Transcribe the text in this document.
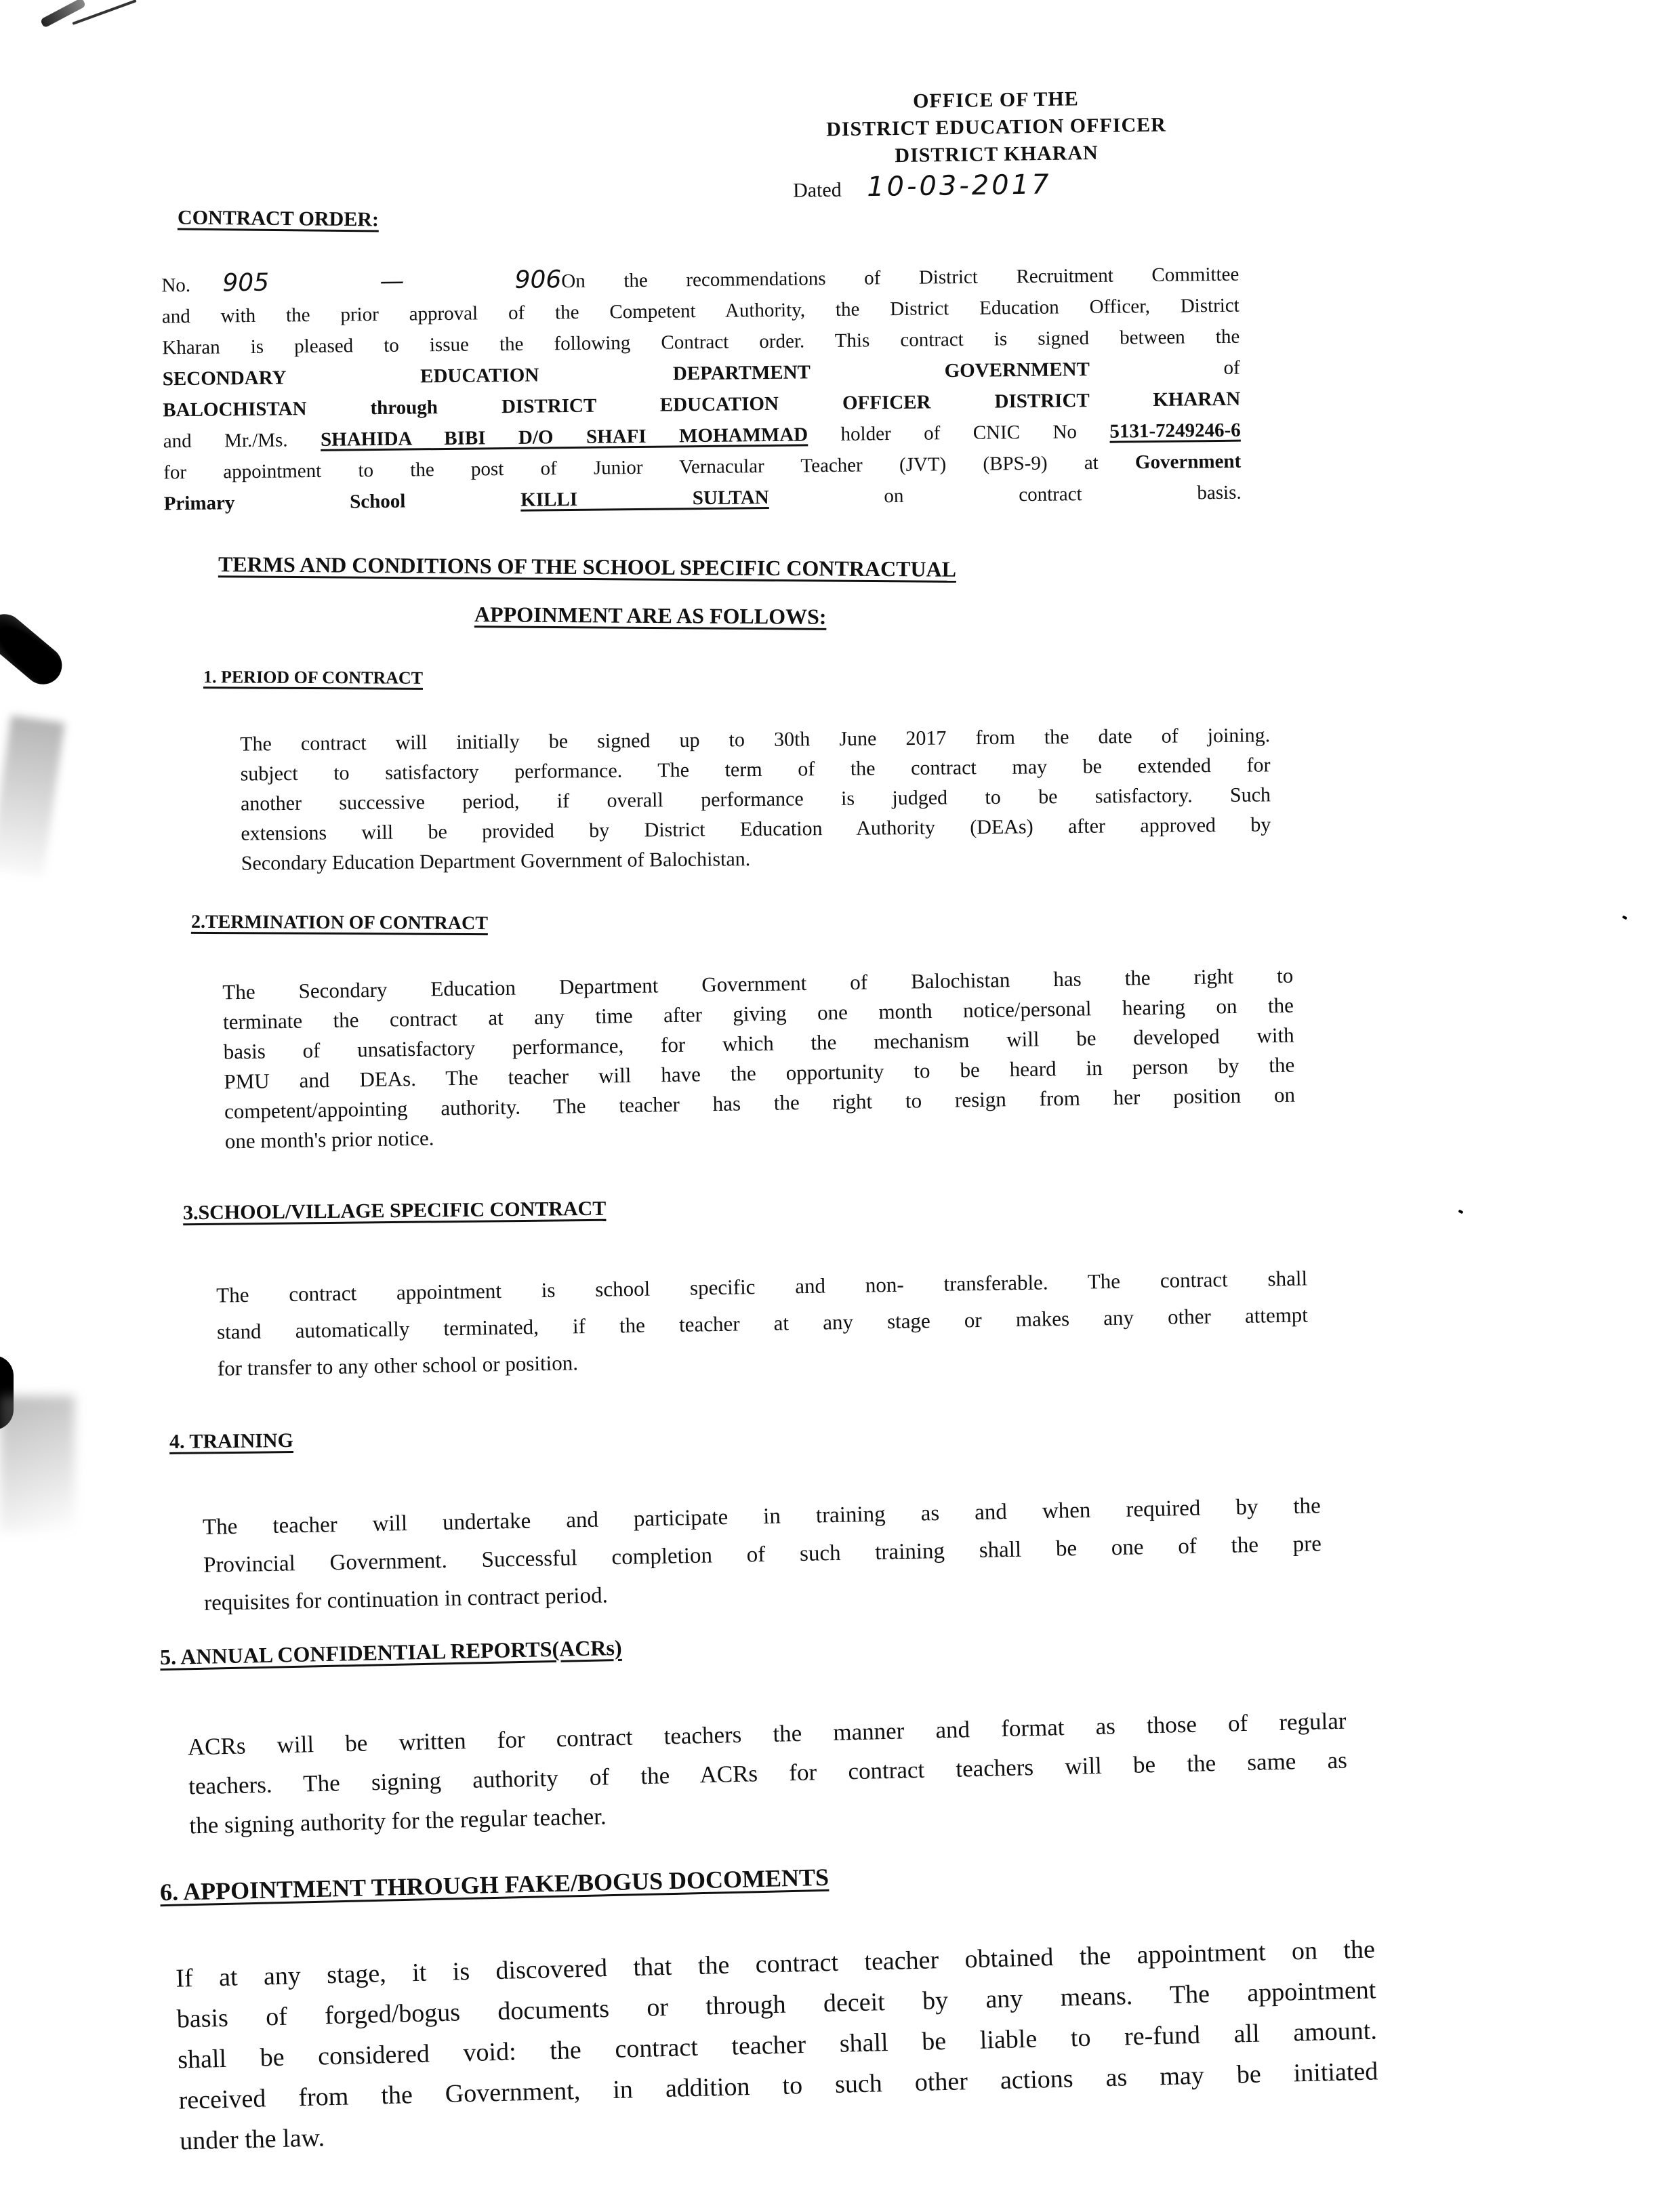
OFFICE OF THE
DISTRICT EDUCATION OFFICER
DISTRICT KHARAN
Dated 10-03-2017
CONTRACT ORDER:
No. 905 — 906On the recommendations of District Recruitment Committee
and with the prior approval of the Competent Authority, the District Education Officer, District
Kharan is pleased to issue the following Contract order. This contract is signed between the
SECONDARY	EDUCATION	DEPARTMENT	GOVERNMENT	of
BALOCHISTAN through DISTRICT EDUCATION OFFICER DISTRICT KHARAN
and Mr./Ms. SHAHIDA BIBI D/O SHAFI MOHAMMAD holder of CNIC No 5131-7249246-6
for appointment to the post of Junior Vernacular Teacher (JVT) (BPS-9) at Government
Primary School	KILLI SULTAN	on contract basis.
TERMS AND CONDITIONS OF THE SCHOOL SPECIFIC CONTRACTUAL
APPOINMENT ARE AS FOLLOWS:
1. PERIOD OF CONTRACT
The contract will initially be signed up to 30th June 2017 from the date of joining.
subject to satisfactory performance. The term of the contract may be extended for
another successive period, if overall performance is judged to be satisfactory. Such
extensions will be provided by District Education Authority (DEAs) after approved by
Secondary Education Department Government of Balochistan.
2.TERMINATION OF CONTRACT
The Secondary Education Department Government of Balochistan has the right to
terminate the contract at any time after giving one month notice/personal hearing on the
basis of unsatisfactory performance, for which the mechanism will be developed with
PMU and DEAs. The teacher will have the opportunity to be heard in person by the
competent/appointing authority. The teacher has the right to resign from her position on
one month's prior notice.
3.SCHOOL/VILLAGE SPECIFIC CONTRACT
The contract appointment is school specific and non- transferable. The contract shall
stand automatically terminated, if the teacher at any stage or makes any other attempt
for transfer to any other school or position.
4. TRAINING
The teacher will undertake and participate in training as and when required by the
Provincial Government. Successful completion of such training shall be one of the pre
requisites for continuation in contract period.
5. ANNUAL CONFIDENTIAL REPORTS(ACRs)
ACRs will be written for contract teachers the manner and format as those of regular
teachers. The signing authority of the ACRs for contract teachers will be the same as
the signing authority for the regular teacher.
6. APPOINTMENT THROUGH FAKE/BOGUS DOCOMENTS
If at any stage, it is discovered that the contract teacher obtained the appointment on the
basis of forged/bogus documents or through deceit by any means. The appointment
shall be considered void: the contract teacher shall be liable to re-fund all amount.
received from the Government, in addition to such other actions as may be initiated
under the law.
